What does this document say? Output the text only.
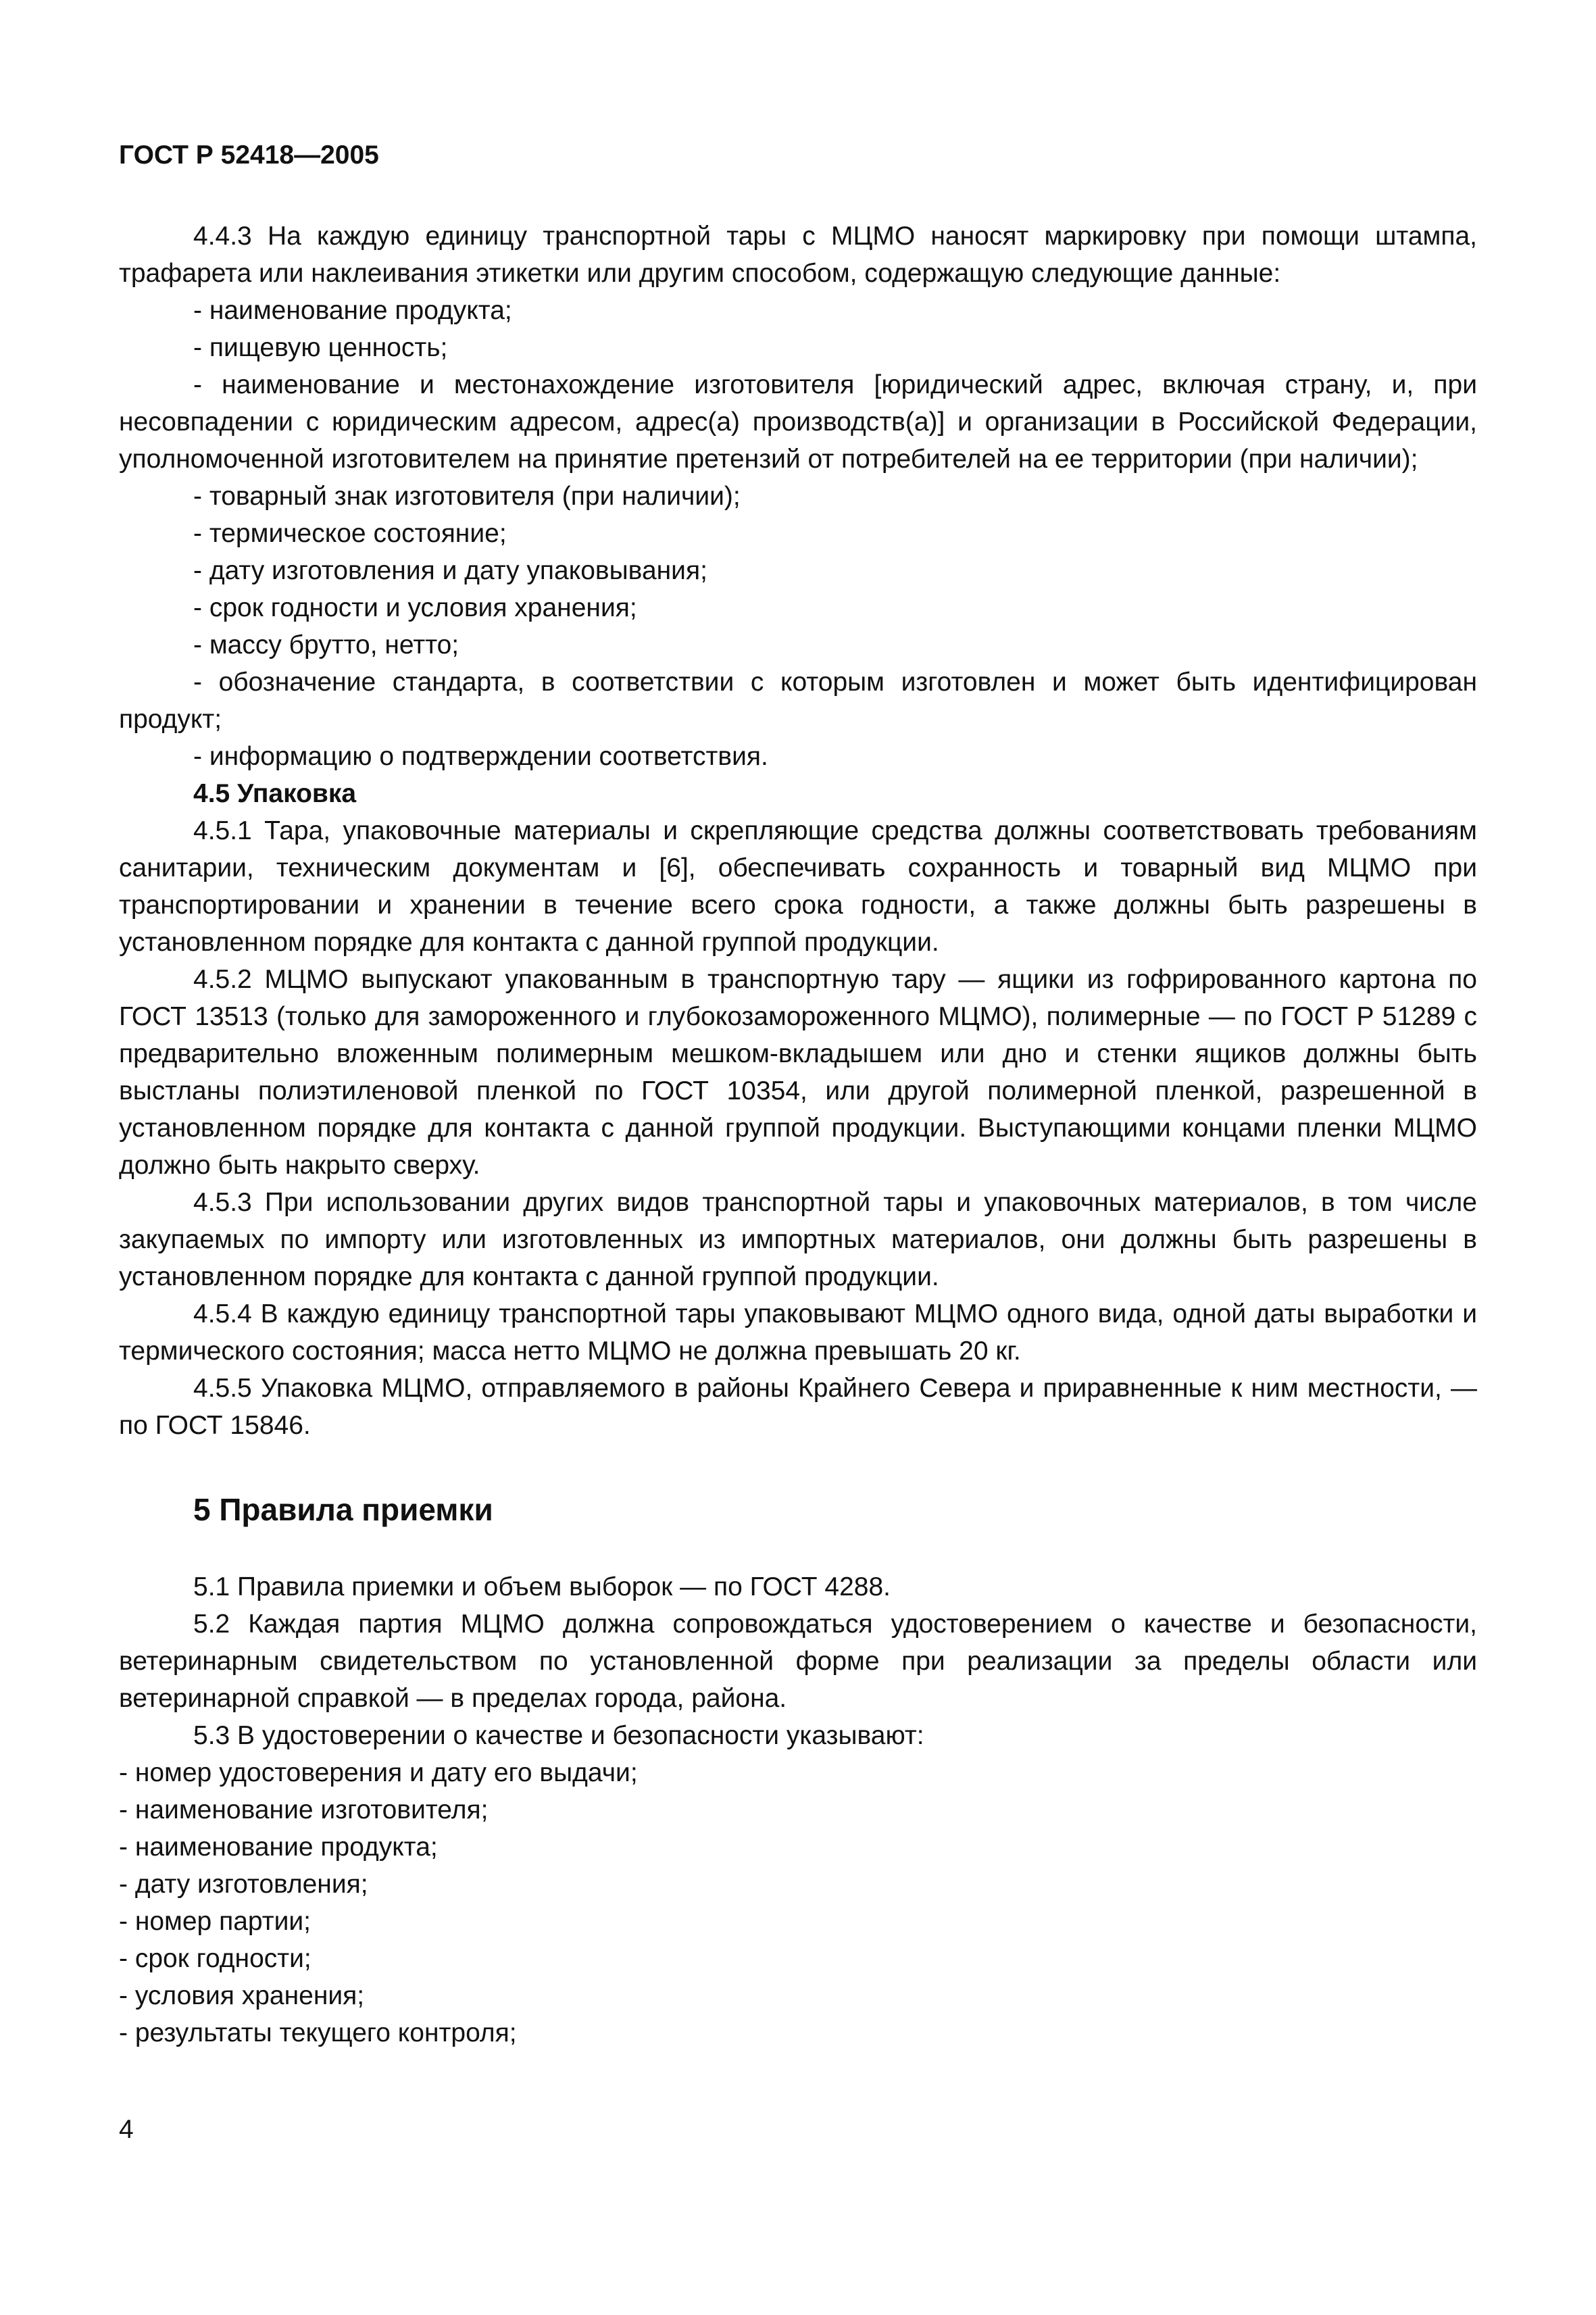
ГОСТ Р 52418—2005

4.4.3 На каждую единицу транспортной тары с МЦМО наносят маркировку при помощи штампа, трафарета или наклеивания этикетки или другим способом, содержащую следующие данные:

- наименование продукта;

- пищевую ценность;

- наименование и местонахождение изготовителя [юридический адрес, включая страну, и, при несовпадении с юридическим адресом, адрес(а) производств(а)] и организации в Российской Федерации, уполномоченной изготовителем на принятие претензий от потребителей на ее территории (при наличии);

- товарный знак изготовителя (при наличии);

- термическое состояние;

- дату изготовления и дату упаковывания;

- срок годности и условия хранения;

- массу брутто, нетто;

- обозначение стандарта, в соответствии с которым изготовлен и может быть идентифицирован продукт;

- информацию о подтверждении соответствия.

4.5 Упаковка

4.5.1 Тара, упаковочные материалы и скрепляющие средства должны соответствовать требованиям санитарии, техническим документам и [6], обеспечивать сохранность и товарный вид МЦМО при транспортировании и хранении в течение всего срока годности, а также должны быть разрешены в установленном порядке для контакта с данной группой продукции.

4.5.2 МЦМО выпускают упакованным в транспортную тару — ящики из гофрированного картона по ГОСТ 13513 (только для замороженного и глубокозамороженного МЦМО), полимерные — по ГОСТ Р 51289 с предварительно вложенным полимерным мешком-вкладышем или дно и стенки ящиков должны быть выстланы полиэтиленовой пленкой по ГОСТ 10354, или другой полимерной пленкой, разрешенной в установленном порядке для контакта с данной группой продукции. Выступающими концами пленки МЦМО должно быть накрыто сверху.

4.5.3 При использовании других видов транспортной тары и упаковочных материалов, в том числе закупаемых по импорту или изготовленных из импортных материалов, они должны быть разрешены в установленном порядке для контакта с данной группой продукции.

4.5.4 В каждую единицу транспортной тары упаковывают МЦМО одного вида, одной даты выработки и термического состояния; масса нетто МЦМО не должна превышать 20 кг.

4.5.5 Упаковка МЦМО, отправляемого в районы Крайнего Севера и приравненные к ним местности, — по ГОСТ 15846.

5 Правила приемки

5.1 Правила приемки и объем выборок — по ГОСТ 4288.

5.2 Каждая партия МЦМО должна сопровождаться удостоверением о качестве и безопасности, ветеринарным свидетельством по установленной форме при реализации за пределы области или ветеринарной справкой — в пределах города, района.

5.3 В удостоверении о качестве и безопасности указывают:

- номер удостоверения и дату его выдачи;

- наименование изготовителя;

- наименование продукта;

- дату изготовления;

- номер партии;

- срок годности;

- условия хранения;

- результаты текущего контроля;

4
